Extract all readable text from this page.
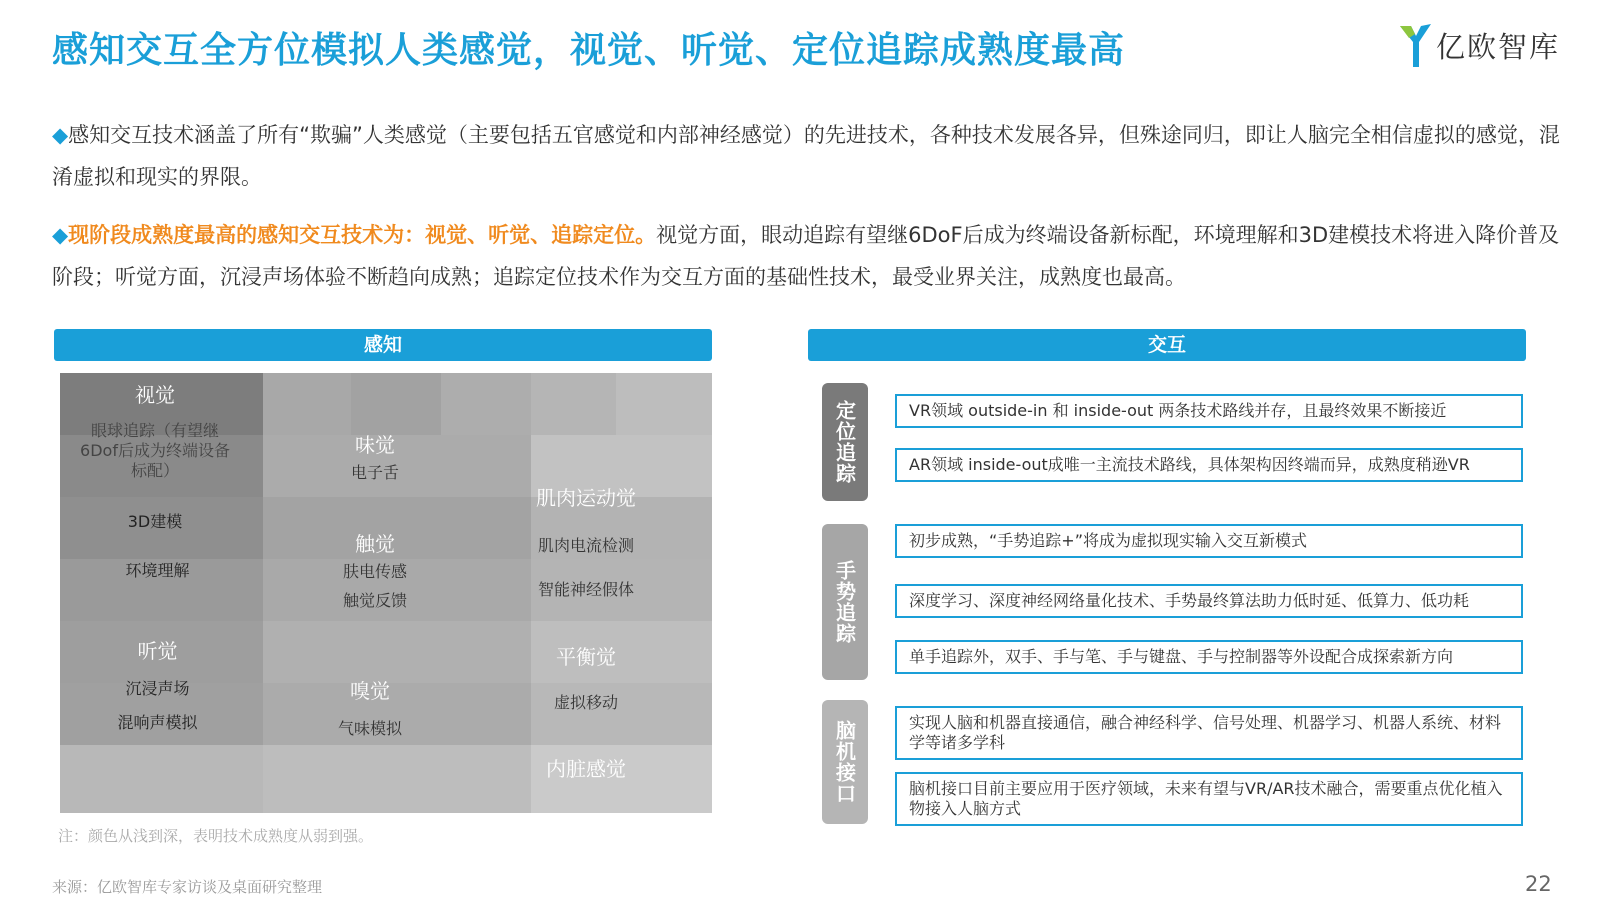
感知交互全方位模拟人类感觉，视觉、听觉、定位追踪成熟度最高	亿欧智库
◆感知交互技术涵盖了所有“欺骗”人类感觉（主要包括五官感觉和内部神经感觉）的先进技术，各种技术发展各异，但殊途同归，即让人脑完全相信虚拟的感觉，混淆虚拟和现实的界限。
◆现阶段成熟度最高的感知交互技术为：视觉、听觉、追踪定位。视觉方面，眼动追踪有望继6DoF后成为终端设备新标配，环境理解和3D建模技术将进入降价普及阶段；听觉方面，沉浸声场体验不断趋向成熟；追踪定位技术作为交互方面的基础性技术，最受业界关注，成熟度也最高。
感知
视觉
眼球追踪（有望继
6Dof后成为终端设备
标配）
3D建模
环境理解
听觉
沉浸声场
混响声模拟
味觉
电子舌
触觉
肤电传感
触觉反馈
嗅觉
气味模拟
肌肉运动觉
肌肉电流检测
智能神经假体
平衡觉
虚拟移动
内脏感觉
注：颜色从浅到深，表明技术成熟度从弱到强。
交互
定位追踪
手势追踪
脑机接口
VR领域 outside-in 和 inside-out 两条技术路线并存，且最终效果不断接近
AR领域 inside-out成唯一主流技术路线，具体架构因终端而异，成熟度稍逊VR
初步成熟，“手势追踪+”将成为虚拟现实输入交互新模式
深度学习、深度神经网络量化技术、手势最终算法助力低时延、低算力、低功耗
单手追踪外，双手、手与笔、手与键盘、手与控制器等外设配合成探索新方向
实现人脑和机器直接通信，融合神经科学、信号处理、机器学习、机器人系统、材料学等诸多学科
脑机接口目前主要应用于医疗领域，未来有望与VR/AR技术融合，需要重点优化植入物接入人脑方式
来源：亿欧智库专家访谈及桌面研究整理	22
